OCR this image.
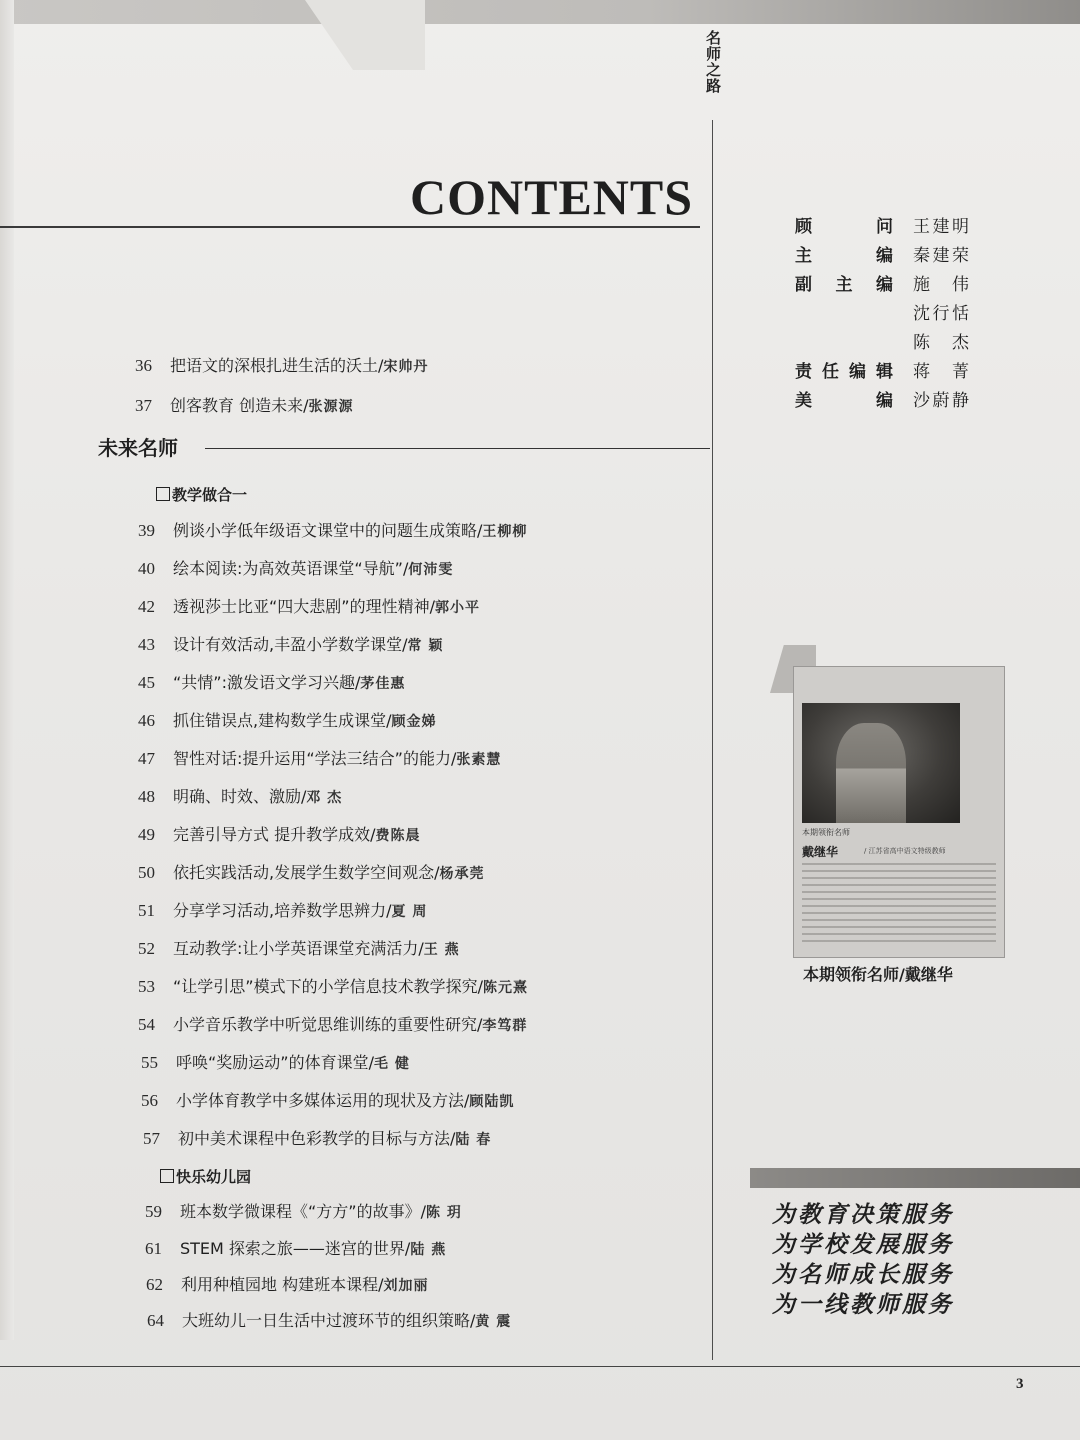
名师之路
CONTENTS
36 把语文的深根扎进生活的沃土/宋帅丹
37 创客教育 创造未来/张源源
未来名师
教学做合一
39 例谈小学低年级语文课堂中的问题生成策略/王柳柳
40 绘本阅读:为高效英语课堂“导航”/何沛雯
42 透视莎士比亚“四大悲剧”的理性精神/郭小平
43 设计有效活动,丰盈小学数学课堂/常 颖
45 “共情”:激发语文学习兴趣/茅佳惠
46 抓住错误点,建构数学生成课堂/顾金娣
47 智性对话:提升运用“学法三结合”的能力/张素慧
48 明确、时效、激励/邓 杰
49 完善引导方式 提升教学成效/费陈晨
50 依托实践活动,发展学生数学空间观念/杨承莞
51 分享学习活动,培养数学思辨力/夏 周
52 互动教学:让小学英语课堂充满活力/王 燕
53 “让学引思”模式下的小学信息技术教学探究/陈元熹
54 小学音乐教学中听觉思维训练的重要性研究/李笃群
55 呼唤“奖励运动”的体育课堂/毛 健
56 小学体育教学中多媒体运用的现状及方法/顾陆凯
57 初中美术课程中色彩教学的目标与方法/陆 春
快乐幼儿园
59 班本数学微课程《“方方”的故事》/陈 玥
61 STEM 探索之旅——迷宫的世界/陆 燕
62 利用种植园地 构建班本课程/刘加丽
64 大班幼儿一日生活中过渡环节的组织策略/黄 震
顾问 王建明
主编 秦建荣
副主编 施伟
沈行恬
陈杰
责任编辑 蒋菁
美编 沙蔚静
本期领衔名师
戴继华	/ 江苏省高中语文特级教师
本期领衔名师/戴继华
为教育决策服务
为学校发展服务
为名师成长服务
为一线教师服务
3
